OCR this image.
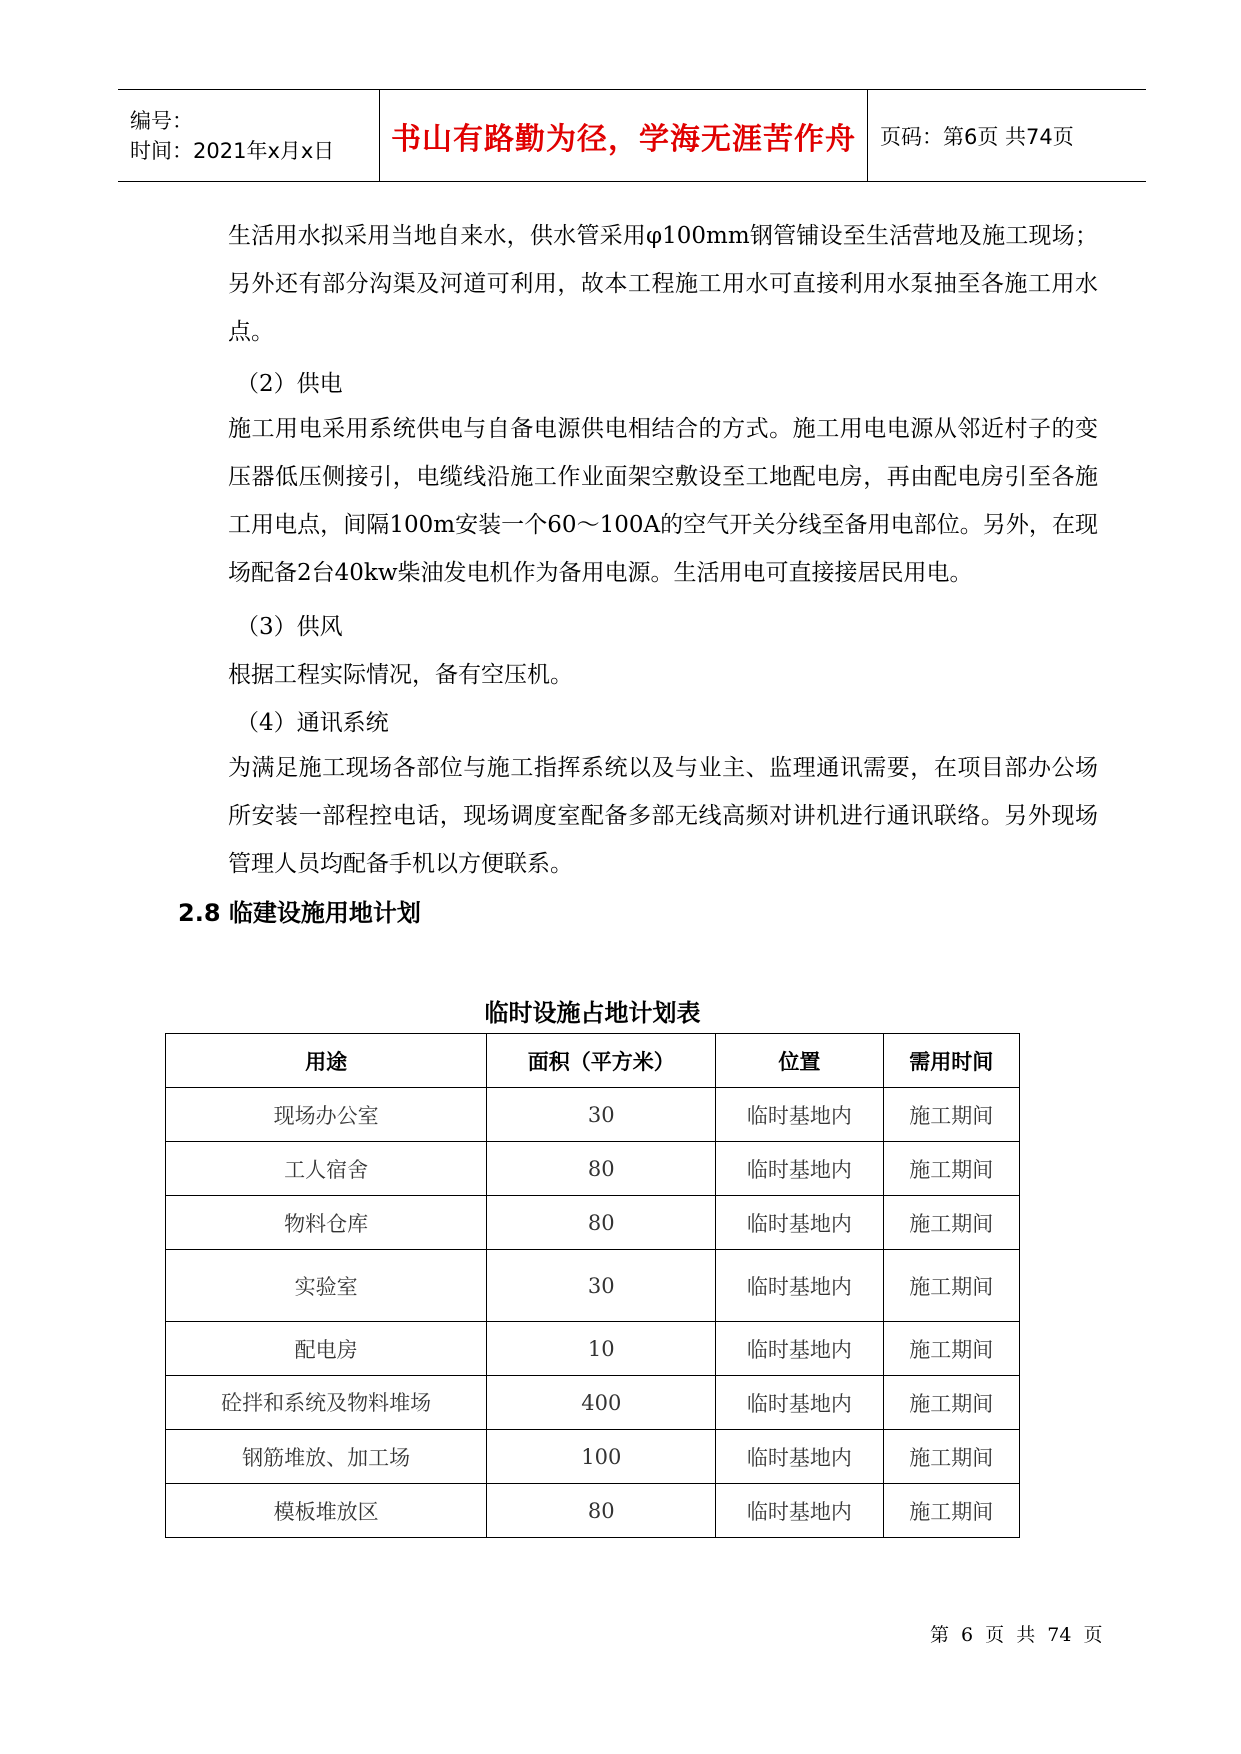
编号：
时间：2021年x月x日	书山有路勤为径，学海无涯苦作舟	页码：第6页 共74页
生活用水拟采用当地自来水，供水管采用φ100mm钢管铺设至生活营地及施工现场；另外还有部分沟渠及河道可利用，故本工程施工用水可直接利用水泵抽至各施工用水点。
（2）供电
施工用电采用系统供电与自备电源供电相结合的方式。施工用电电源从邻近村子的变压器低压侧接引，电缆线沿施工作业面架空敷设至工地配电房，再由配电房引至各施工用电点，间隔100m安装一个60～100A的空气开关分线至备用电部位。另外，在现场配备2台40kw柴油发电机作为备用电源。生活用电可直接接居民用电。
（3）供风
根据工程实际情况，备有空压机。
（4）通讯系统
为满足施工现场各部位与施工指挥系统以及与业主、监理通讯需要，在项目部办公场所安装一部程控电话，现场调度室配备多部无线高频对讲机进行通讯联络。另外现场管理人员均配备手机以方便联系。
2.8 临建设施用地计划
临时设施占地计划表
用途	面积（平方米）	位置	需用时间
现场办公室	30	临时基地内	施工期间
工人宿舍	80	临时基地内	施工期间
物料仓库	80	临时基地内	施工期间
实验室	30	临时基地内	施工期间
配电房	10	临时基地内	施工期间
砼拌和系统及物料堆场	400	临时基地内	施工期间
钢筋堆放、加工场	100	临时基地内	施工期间
模板堆放区	80	临时基地内	施工期间
第 6 页 共 74 页
